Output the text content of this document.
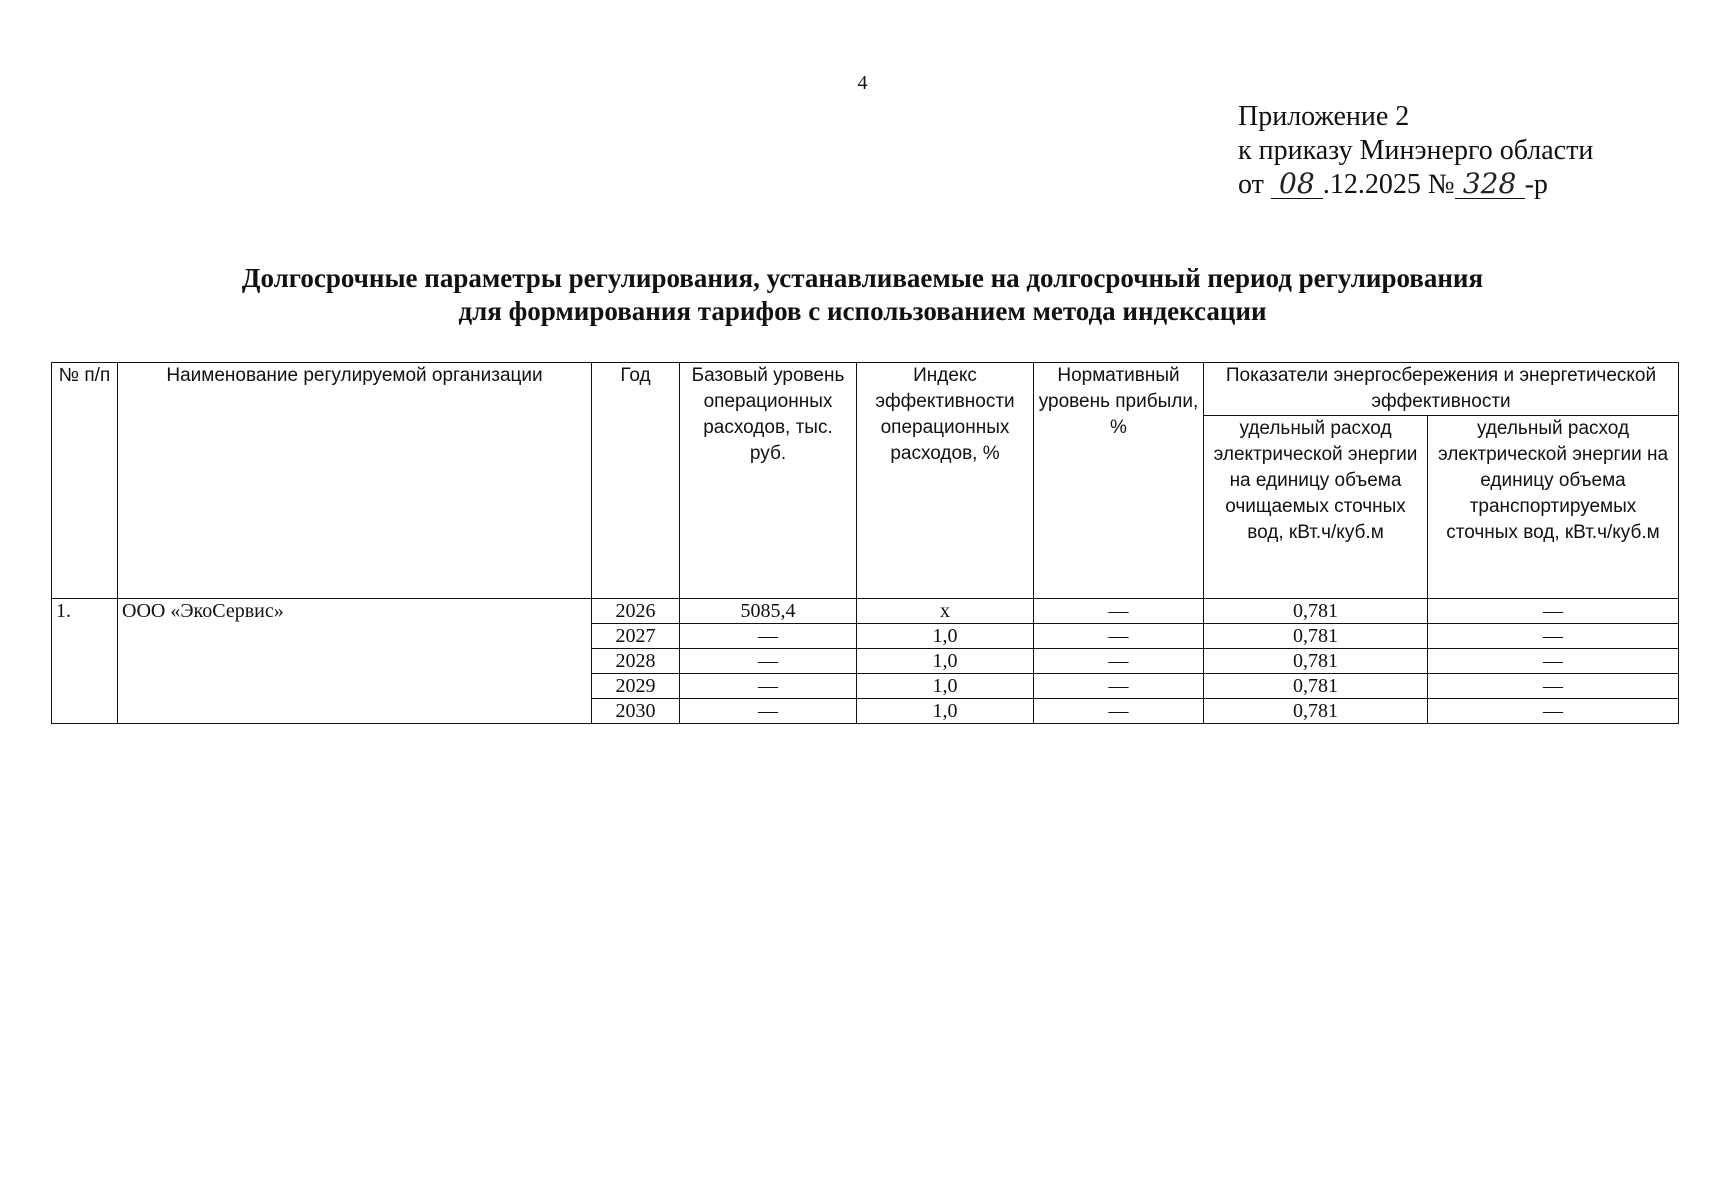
4
Приложение 2
к приказу Минэнерго области
от 08 .12.2025 № 328 -р
Долгосрочные параметры регулирования, устанавливаемые на долгосрочный период регулирования
для формирования тарифов с использованием метода индексации
№ п/п	Наименование регулируемой организации	Год	Базовый уровень операционных расходов, тыс. руб.	Индекс эффективности операционных расходов, %	Нормативный уровень прибыли, %	Показатели энергосбережения и энергетической эффективности	
						удельный расход электрической энергии на единицу объема очищаемых сточных вод, кВт.ч/куб.м	удельный расход электрической энергии на единицу объема транспортируемых сточных вод, кВт.ч/куб.м
1.	ООО «ЭкоСервис»	2026	5085,4	х	—	0,781	—
		2027	—	1,0	—	0,781	—
		2028	—	1,0	—	0,781	—
		2029	—	1,0	—	0,781	—
		2030	—	1,0	—	0,781	—
